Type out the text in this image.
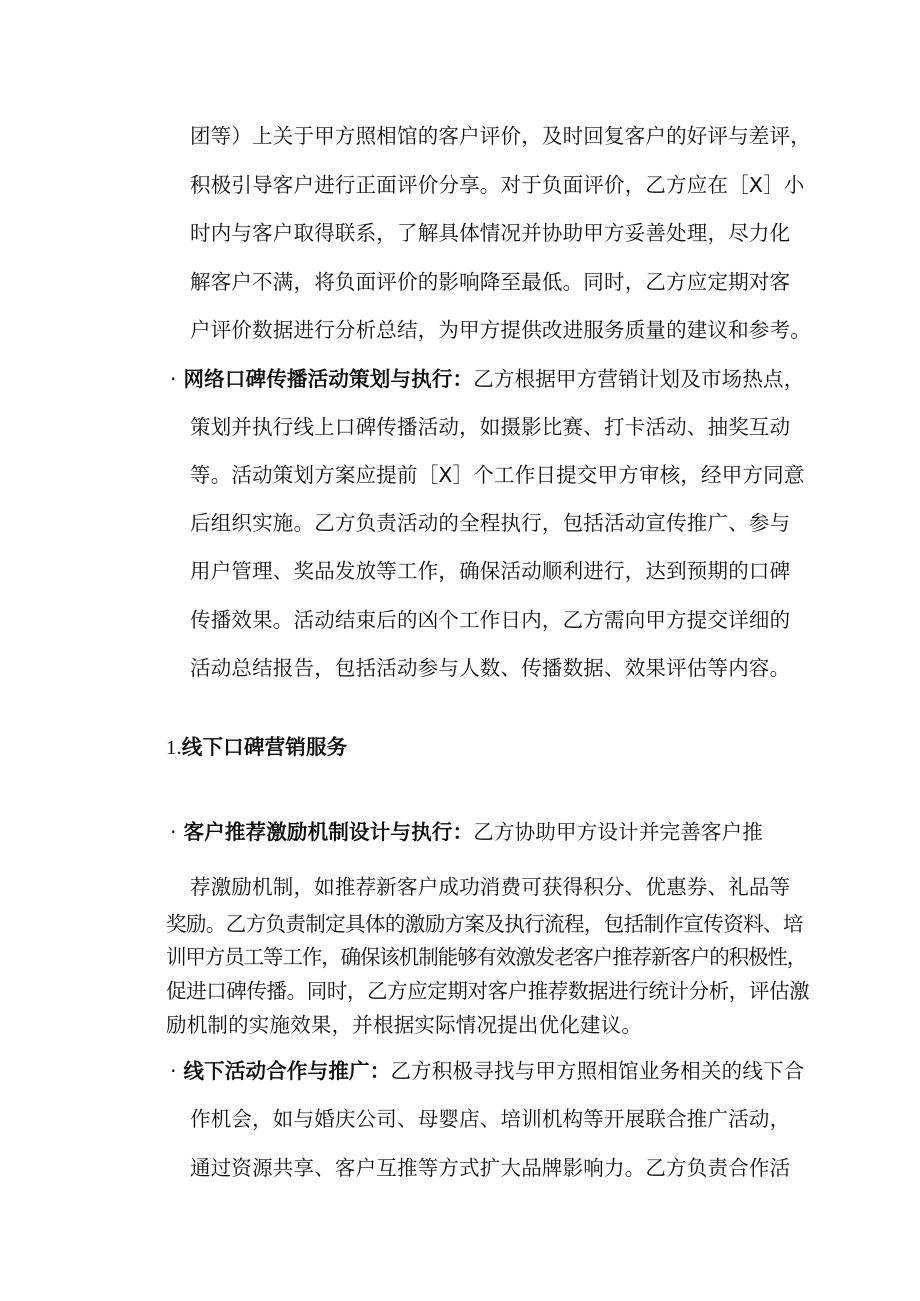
团等）上关于甲方照相馆的客户评价，及时回复客户的好评与差评，
积极引导客户进行正面评价分享。对于负面评价，乙方应在［X］小
时内与客户取得联系，了解具体情况并协助甲方妥善处理，尽力化
解客户不满，将负面评价的影响降至最低。同时，乙方应定期对客
户评价数据进行分析总结，为甲方提供改进服务质量的建议和参考。
· 网络口碑传播活动策划与执行：乙方根据甲方营销计划及市场热点，
策划并执行线上口碑传播活动，如摄影比赛、打卡活动、抽奖互动
等。活动策划方案应提前［X］个工作日提交甲方审核，经甲方同意
后组织实施。乙方负责活动的全程执行，包括活动宣传推广、参与
用户管理、奖品发放等工作，确保活动顺利进行，达到预期的口碑
传播效果。活动结束后的凶个工作日内，乙方需向甲方提交详细的
活动总结报告，包括活动参与人数、传播数据、效果评估等内容。
1.线下口碑营销服务
· 客户推荐激励机制设计与执行：乙方协助甲方设计并完善客户推
荐激励机制，如推荐新客户成功消费可获得积分、优惠券、礼品等
奖励。乙方负责制定具体的激励方案及执行流程，包括制作宣传资料、培
训甲方员工等工作，确保该机制能够有效激发老客户推荐新客户的积极性，
促进口碑传播。同时，乙方应定期对客户推荐数据进行统计分析，评估激
励机制的实施效果，并根据实际情况提出优化建议。
· 线下活动合作与推广：乙方积极寻找与甲方照相馆业务相关的线下合
作机会，如与婚庆公司、母婴店、培训机构等开展联合推广活动，
通过资源共享、客户互推等方式扩大品牌影响力。乙方负责合作活
